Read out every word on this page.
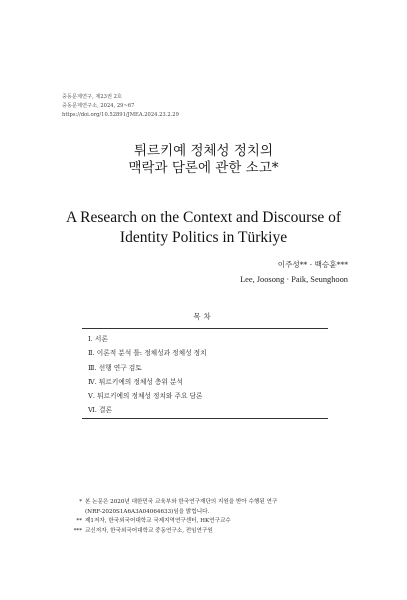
중동문제연구, 제23권 2호
중동문제연구소, 2024, 29~67
https://doi.org/10.52891/JMEA.2024.23.2.29
튀르키예 정체성 정치의
맥락과 담론에 관한 소고*
A Research on the Context and Discourse of
Identity Politics in Türkiye
이주성** · 백승훈***
Lee, Joosong · Paik, Seunghoon
목차
Ⅰ. 서론
Ⅱ. 이론적 분석 틀: 정체성과 정체성 정치
Ⅲ. 선행 연구 검토
Ⅳ. 튀르키예의 정체성 층위 분석
Ⅴ. 튀르키예의 정체성 정치와 주요 담론
Ⅵ. 결론
* 본 논문은 2020년 대한민국 교육부와 한국연구재단의 지원을 받아 수행된 연구
(NRF-2020S1A6A3A04064633)임을 밝힙니다.
** 제1저자, 한국외국어대학교 국제지역연구센터, HK연구교수
*** 교신저자, 한국외국어대학교 중동연구소, 전임연구원
